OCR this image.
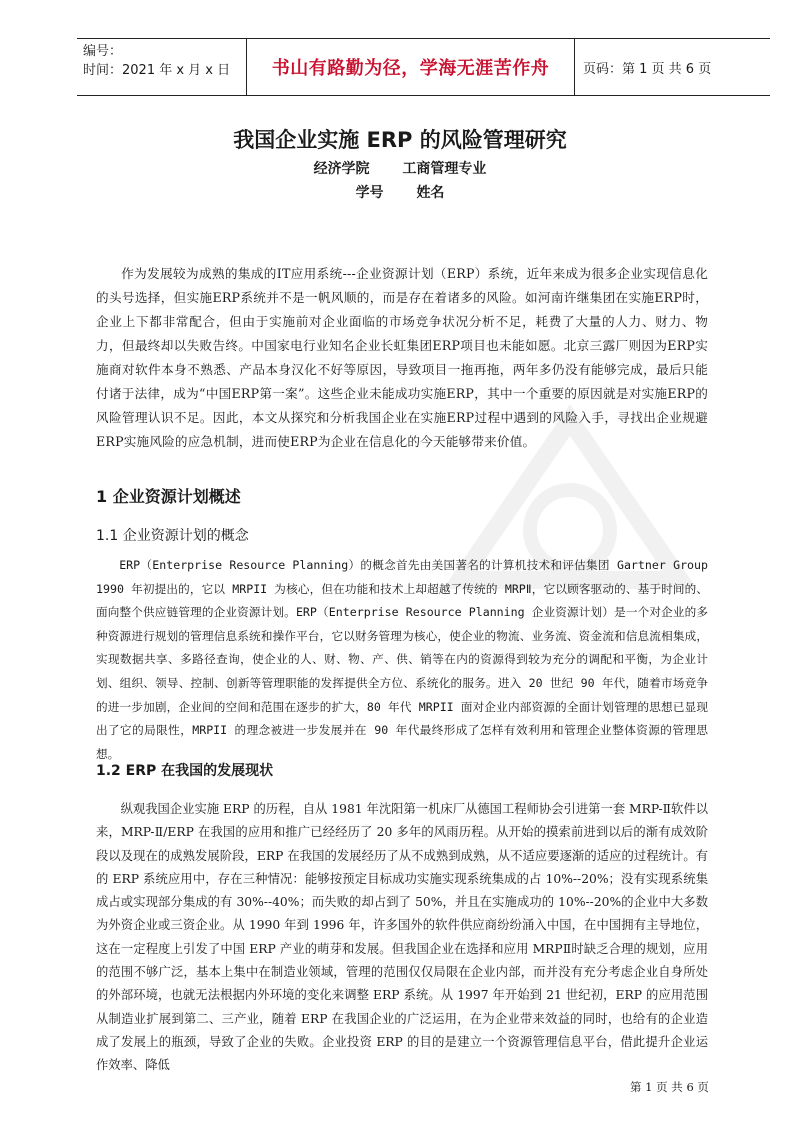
编号：
时间：2021 年 x 月 x 日	书山有路勤为径，学海无涯苦作舟	页码：第 1 页 共 6 页
我国企业实施 ERP 的风险管理研究
经济学院 工商管理专业
学号 姓名

作为发展较为成熟的集成的IT应用系统---企业资源计划（ERP）系统，近年来成为很多企业实现信息化的头号选择，但实施ERP系统并不是一帆风顺的，而是存在着诸多的风险。如河南许继集团在实施ERP时，企业上下都非常配合，但由于实施前对企业面临的市场竞争状况分析不足，耗费了大量的人力、财力、物力，但最终却以失败告终。中国家电行业知名企业长虹集团ERP项目也未能如愿。北京三露厂则因为ERP实施商对软件本身不熟悉、产品本身汉化不好等原因，导致项目一拖再拖，两年多仍没有能够完成，最后只能付诸于法律，成为“中国ERP第一案”。这些企业未能成功实施ERP，其中一个重要的原因就是对实施ERP的风险管理认识不足。因此，本文从探究和分析我国企业在实施ERP过程中遇到的风险入手，寻找出企业规避ERP实施风险的应急机制，进而使ERP为企业在信息化的今天能够带来价值。

1 企业资源计划概述
1.1 企业资源计划的概念

ERP（Enterprise Resource Planning）的概念首先由美国著名的计算机技术和评估集团 Gartner Group 1990 年初提出的，它以 MRPII 为核心，但在功能和技术上却超越了传统的 MRPⅡ，它以顾客驱动的、基于时间的、面向整个供应链管理的企业资源计划。ERP（Enterprise Resource Planning 企业资源计划）是一个对企业的多种资源进行规划的管理信息系统和操作平台，它以财务管理为核心，使企业的物流、业务流、资金流和信息流相集成，实现数据共享、多路径查询，使企业的人、财、物、产、供、销等在内的资源得到较为充分的调配和平衡，为企业计划、组织、领导、控制、创新等管理职能的发挥提供全方位、系统化的服务。进入 20 世纪 90 年代，随着市场竞争的进一步加剧，企业间的空间和范围在逐步的扩大，80 年代 MRPII 面对企业内部资源的全面计划管理的思想已显现出了它的局限性，MRPII 的理念被进一步发展并在 90 年代最终形成了怎样有效利用和管理企业整体资源的管理思想。

1.2 ERP 在我国的发展现状

纵观我国企业实施 ERP 的历程，自从 1981 年沈阳第一机床厂从德国工程师协会引进第一套 MRP-Ⅱ软件以来，MRP-Ⅱ/ERP 在我国的应用和推广已经经历了 20 多年的风雨历程。从开始的摸索前进到以后的渐有成效阶段以及现在的成熟发展阶段，ERP 在我国的发展经历了从不成熟到成熟，从不适应要逐渐的适应的过程统计。有的 ERP 系统应用中，存在三种情况：能够按预定目标成功实施实现系统集成的占 10%--20%；没有实现系统集成占或实现部分集成的有 30%--40%；而失败的却占到了 50%，并且在实施成功的 10%--20%的企业中大多数为外资企业或三资企业。从 1990 年到 1996 年，许多国外的软件供应商纷纷涌入中国，在中国拥有主导地位，这在一定程度上引发了中国 ERP 产业的萌芽和发展。但我国企业在选择和应用 MRPⅡ时缺乏合理的规划，应用的范围不够广泛，基本上集中在制造业领域，管理的范围仅仅局限在企业内部，而并没有充分考虑企业自身所处的外部环境，也就无法根据内外环境的变化来调整 ERP 系统。从 1997 年开始到 21 世纪初，ERP 的应用范围从制造业扩展到第二、三产业，随着 ERP 在我国企业的广泛运用，在为企业带来效益的同时，也给有的企业造成了发展上的瓶颈，导致了企业的失败。企业投资 ERP 的目的是建立一个资源管理信息平台，借此提升企业运作效率、降低

第 1 页 共 6 页
